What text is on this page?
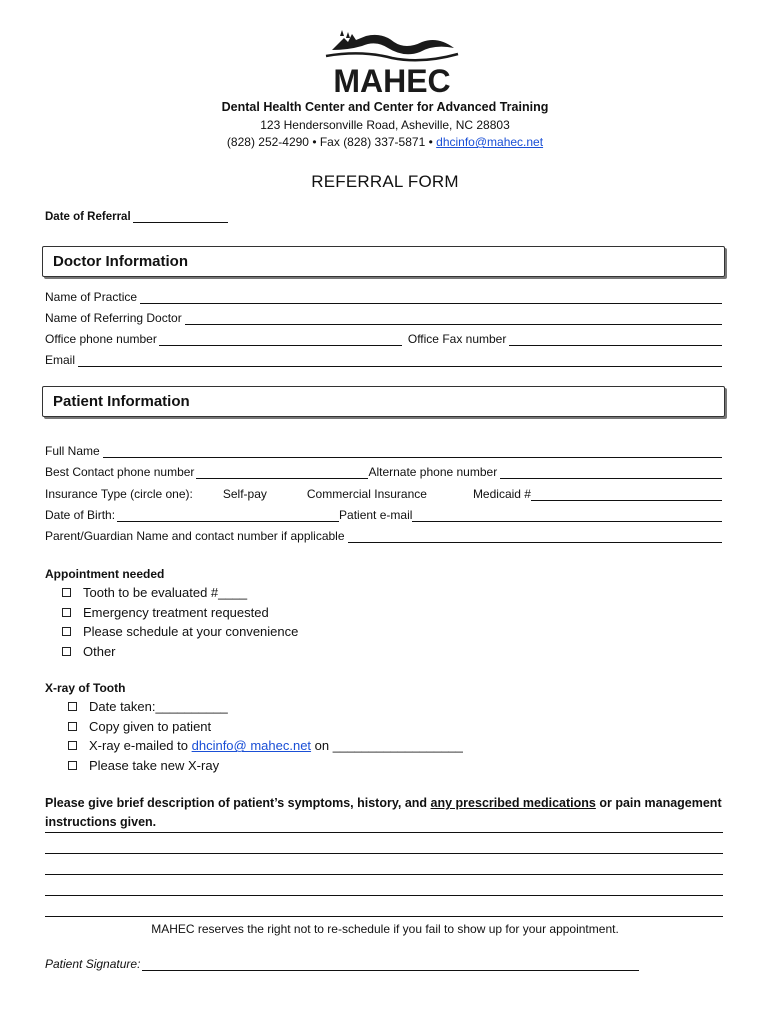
MAHEC
Dental Health Center and Center for Advanced Training
123 Hendersonville Road, Asheville, NC 28803
(828) 252-4290 • Fax (828) 337-5871 • dhcinfo@mahec.net
REFERRAL FORM
Date of Referral
Doctor Information
Name of Practice
Name of Referring Doctor
Office phone number	Office Fax number
Email
Patient Information
Full Name
Best Contact phone number	Alternate phone number
Insurance Type (circle one):	Self-pay	Commercial Insurance	Medicaid #
Date of Birth:	Patient e-mail
Parent/Guardian Name and contact number if applicable
Appointment needed
Tooth to be evaluated #____
Emergency treatment requested
Please schedule at your convenience
Other
X-ray of Tooth
Date taken:__________
Copy given to patient
X-ray e-mailed to
dhcinfo@ mahec.net
on __________________
Please take new X-ray
Please give brief description of patient’s symptoms, history, and any prescribed medications or pain management instructions given.
MAHEC reserves the right not to re-schedule if you fail to show up for your appointment.
Patient Signature:
